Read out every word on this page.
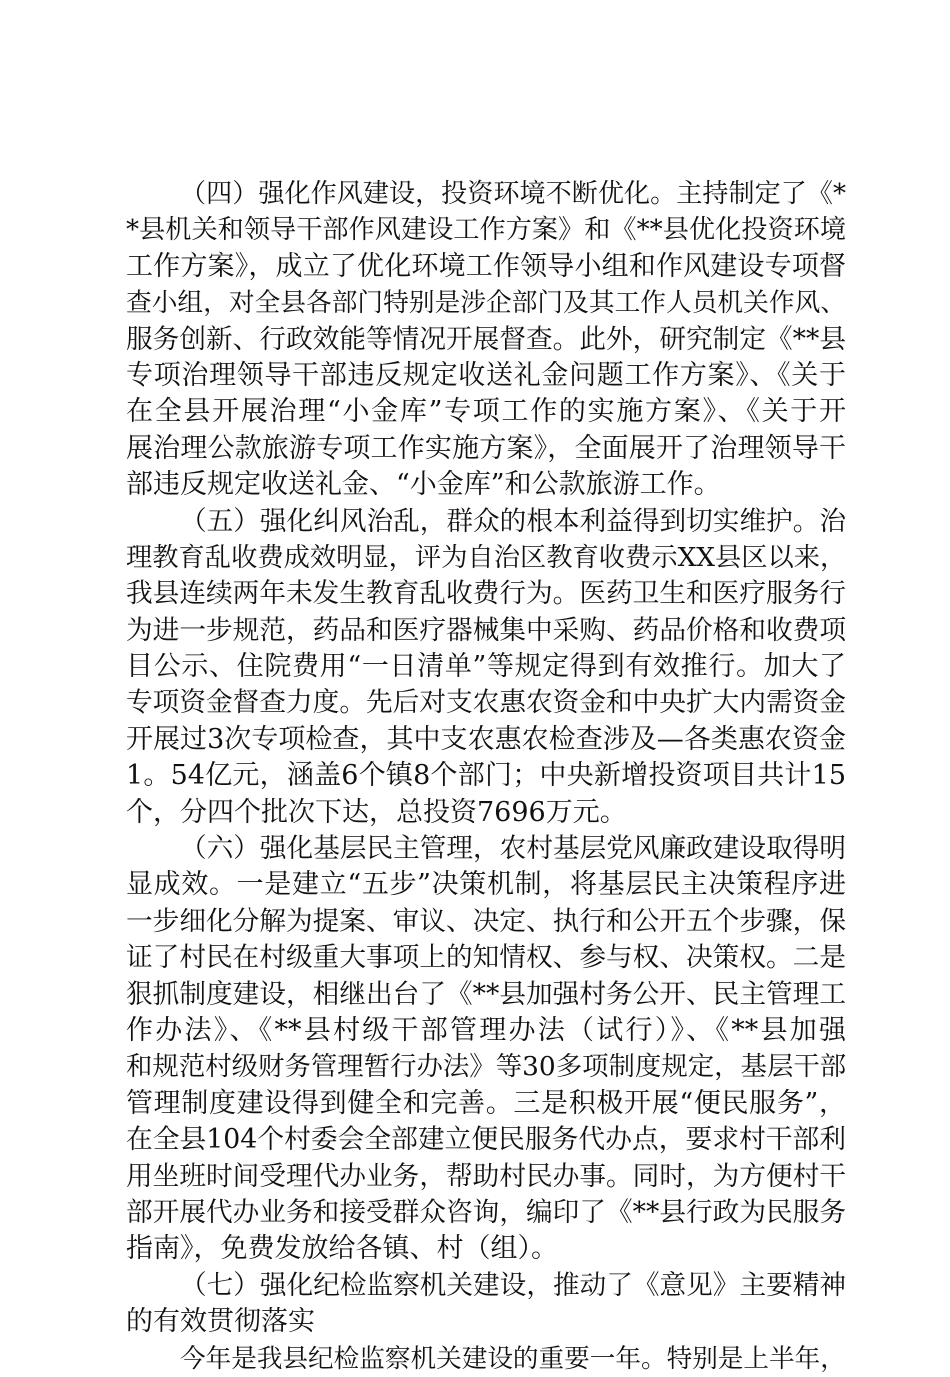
（四）强化作风建设，投资环境不断优化。主持制定了《*
*县机关和领导干部作风建设工作方案》和《**县优化投资环境
工作方案》，成立了优化环境工作领导小组和作风建设专项督
查小组，对全县各部门特别是涉企部门及其工作人员机关作风、
服务创新、行政效能等情况开展督查。此外，研究制定《**县
专项治理领导干部违反规定收送礼金问题工作方案》、《关于
在全县开展治理“小金库”专项工作的实施方案》、《关于开
展治理公款旅游专项工作实施方案》，全面展开了治理领导干
部违反规定收送礼金、“小金库”和公款旅游工作。
（五）强化纠风治乱，群众的根本利益得到切实维护。治
理教育乱收费成效明显，评为自治区教育收费示XX县区以来，
我县连续两年未发生教育乱收费行为。医药卫生和医疗服务行
为进一步规范，药品和医疗器械集中采购、药品价格和收费项
目公示、住院费用“一日清单”等规定得到有效推行。加大了
专项资金督查力度。先后对支农惠农资金和中央扩大内需资金
开展过3次专项检查，其中支农惠农检查涉及—各类惠农资金
1。54亿元，涵盖6个镇8个部门；中央新增投资项目共计15
个，分四个批次下达，总投资7696万元。
（六）强化基层民主管理，农村基层党风廉政建设取得明
显成效。一是建立“五步”决策机制，将基层民主决策程序进
一步细化分解为提案、审议、决定、执行和公开五个步骤，保
证了村民在村级重大事项上的知情权、参与权、决策权。二是
狠抓制度建设，相继出台了《**县加强村务公开、民主管理工
作办法》、《**县村级干部管理办法（试行）》、《**县加强
和规范村级财务管理暂行办法》等30多项制度规定，基层干部
管理制度建设得到健全和完善。三是积极开展“便民服务”，
在全县104个村委会全部建立便民服务代办点，要求村干部利
用坐班时间受理代办业务，帮助村民办事。同时，为方便村干
部开展代办业务和接受群众咨询，编印了《**县行政为民服务
指南》，免费发放给各镇、村（组）。
（七）强化纪检监察机关建设，推动了《意见》主要精神
的有效贯彻落实
今年是我县纪检监察机关建设的重要一年。特别是上半年，
